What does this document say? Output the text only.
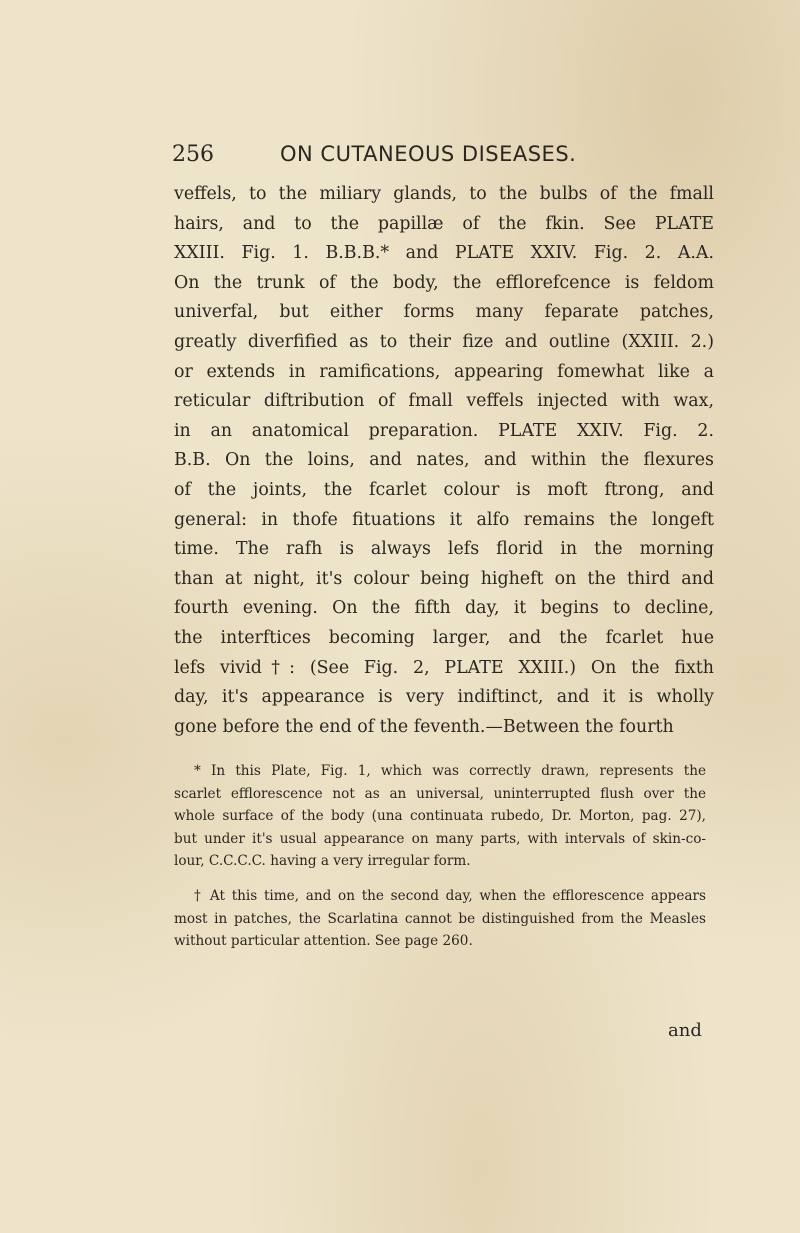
256	ON CUTANEOUS DISEASES.
veffels, to the miliary glands, to the bulbs of the fmall
hairs, and to the papillæ of the fkin. See PLATE
XXIII. Fig. 1. B.B.B.* and PLATE XXIV. Fig. 2. A.A.
On the trunk of the body, the efflorefcence is feldom
univerfal, but either forms many feparate patches,
greatly diverfified as to their fize and outline (XXIII. 2.)
or extends in ramifications, appearing fomewhat like a
reticular diftribution of fmall veffels injected with wax,
in an anatomical preparation. PLATE XXIV. Fig. 2.
B.B. On the loins, and nates, and within the flexures
of the joints, the fcarlet colour is moft ftrong, and
general: in thofe fituations it alfo remains the longeft
time. The rafh is always lefs florid in the morning
than at night, it's colour being higheft on the third and
fourth evening. On the fifth day, it begins to decline,
the interftices becoming larger, and the fcarlet hue
lefs vivid†: (See Fig. 2, PLATE XXIII.) On the fixth
day, it's appearance is very indiftinct, and it is wholly
gone before the end of the feventh.—Between the fourth
* In this Plate, Fig. 1, which was correctly drawn, represents the
scarlet efflorescence not as an universal, uninterrupted flush over the
whole surface of the body (una continuata rubedo, Dr. Morton, pag. 27),
but under it's usual appearance on many parts, with intervals of skin-co-
lour, C.C.C.C. having a very irregular form.
† At this time, and on the second day, when the efflorescence appears
most in patches, the Scarlatina cannot be distinguished from the Measles
without particular attention. See page 260.
and
